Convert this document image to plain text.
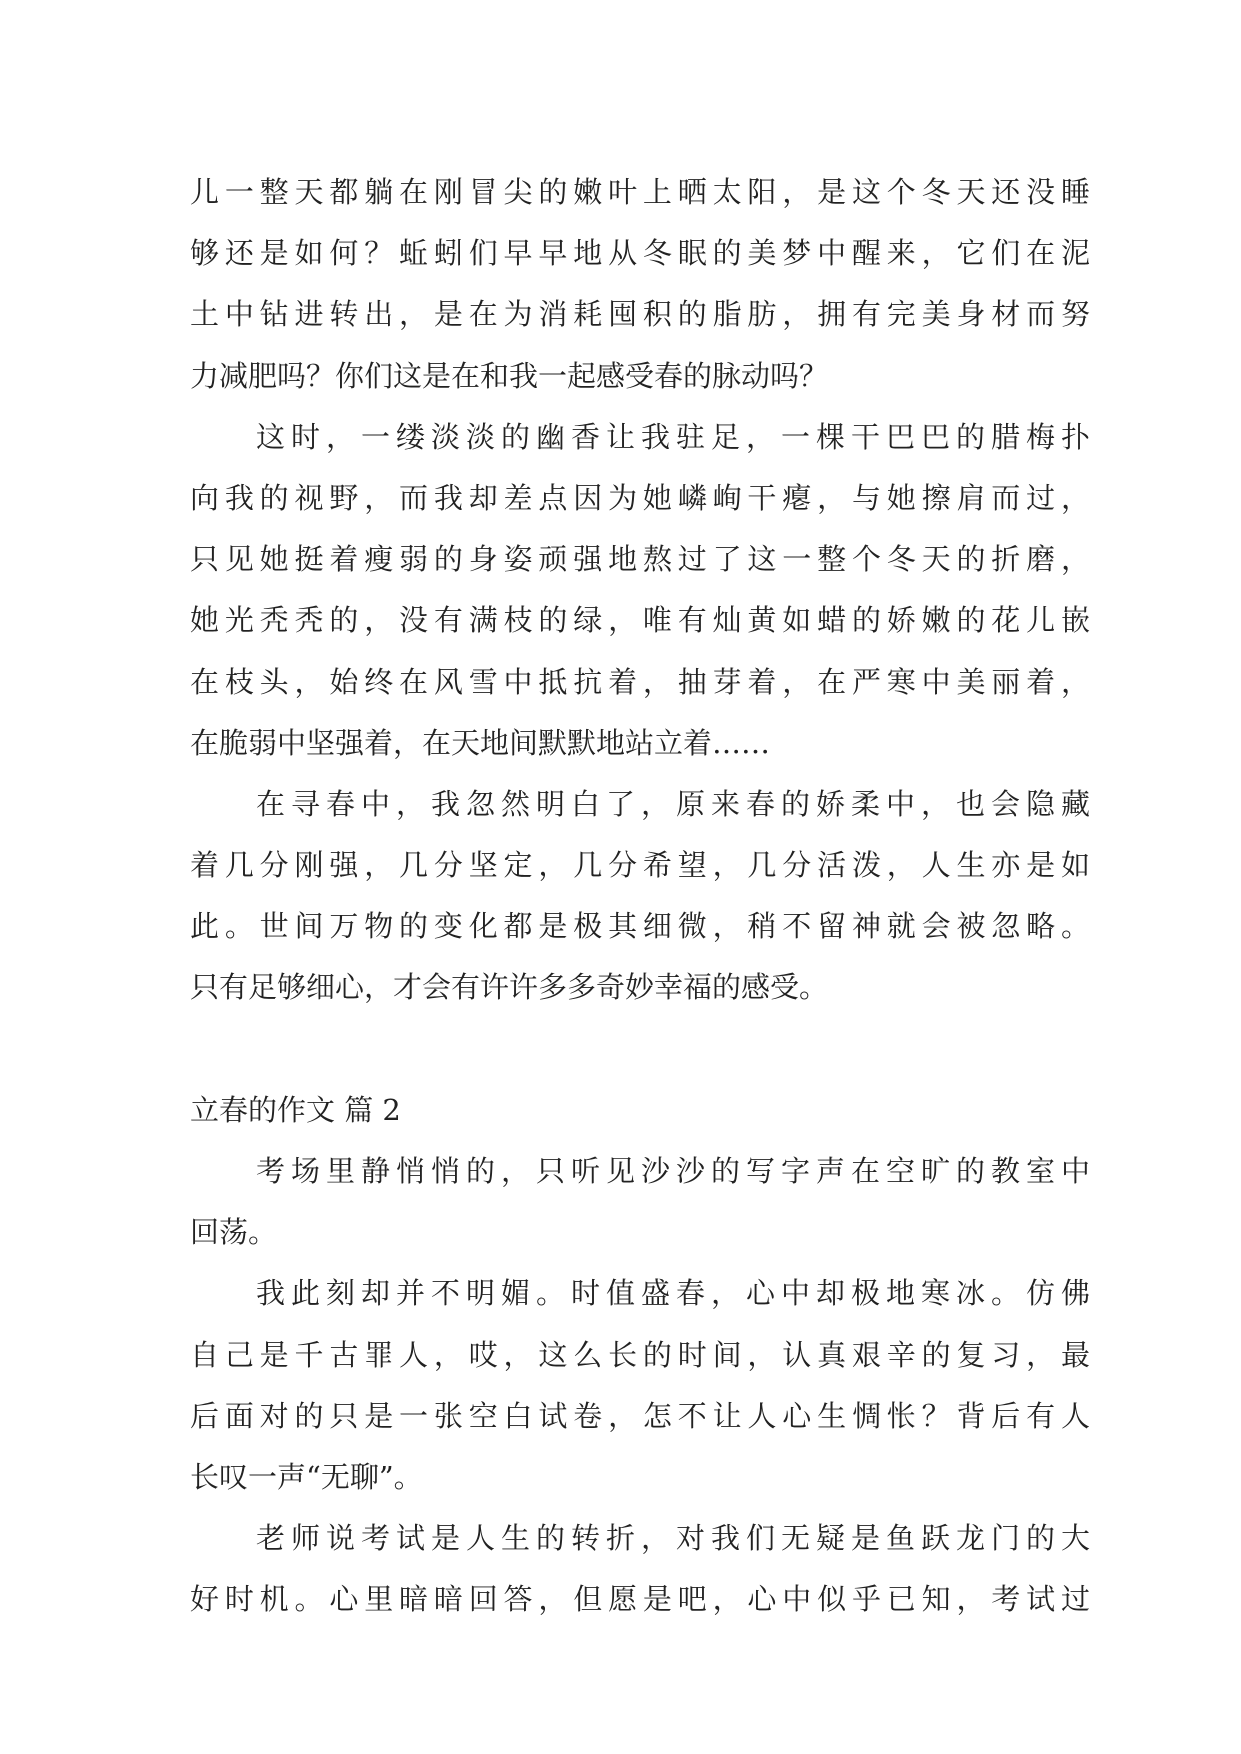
儿一整天都躺在刚冒尖的嫩叶上晒太阳，是这个冬天还没睡
够还是如何？蚯蚓们早早地从冬眠的美梦中醒来，它们在泥
土中钻进转出，是在为消耗囤积的脂肪，拥有完美身材而努
力减肥吗？你们这是在和我一起感受春的脉动吗？
这时，一缕淡淡的幽香让我驻足，一棵干巴巴的腊梅扑
向我的视野，而我却差点因为她嶙峋干瘪，与她擦肩而过，
只见她挺着瘦弱的身姿顽强地熬过了这一整个冬天的折磨，
她光秃秃的，没有满枝的绿，唯有灿黄如蜡的娇嫩的花儿嵌
在枝头，始终在风雪中抵抗着，抽芽着，在严寒中美丽着，
在脆弱中坚强着，在天地间默默地站立着……
在寻春中，我忽然明白了，原来春的娇柔中，也会隐藏
着几分刚强，几分坚定，几分希望，几分活泼，人生亦是如
此。世间万物的变化都是极其细微，稍不留神就会被忽略。
只有足够细心，才会有许许多多奇妙幸福的感受。
立春的作文 篇 2
考场里静悄悄的，只听见沙沙的写字声在空旷的教室中
回荡。
我此刻却并不明媚。时值盛春，心中却极地寒冰。仿佛
自己是千古罪人，哎，这么长的时间，认真艰辛的复习，最
后面对的只是一张空白试卷，怎不让人心生惆怅？背后有人
长叹一声“无聊”。
老师说考试是人生的转折，对我们无疑是鱼跃龙门的大
好时机。心里暗暗回答，但愿是吧，心中似乎已知，考试过
